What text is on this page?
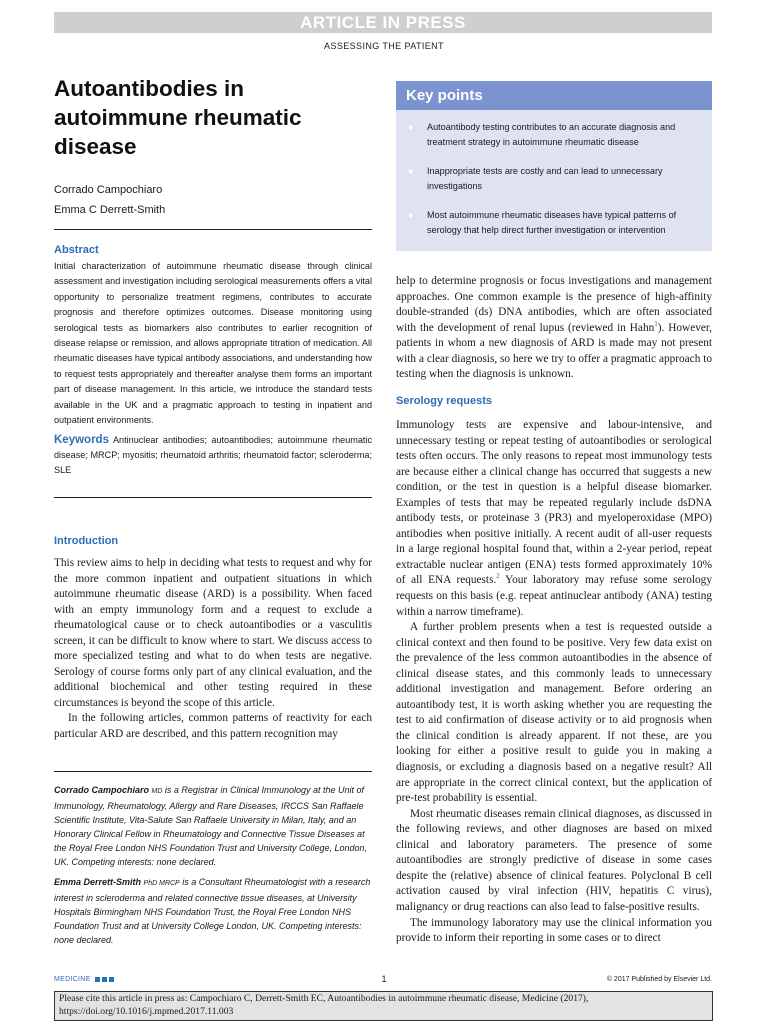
ARTICLE IN PRESS
ASSESSING THE PATIENT
Autoantibodies in autoimmune rheumatic disease
Corrado Campochiaro
Emma C Derrett-Smith
Abstract
Initial characterization of autoimmune rheumatic disease through clinical assessment and investigation including serological measurements offers a vital opportunity to personalize treatment regimens, contributes to accurate prognosis and therefore optimizes outcomes. Disease monitoring using serological tests as biomarkers also contributes to earlier recognition of disease relapse or remission, and allows appropriate titration of medication. All rheumatic diseases have typical antibody associations, and understanding how to request tests appropriately and thereafter analyse them forms an important part of disease management. In this article, we introduce the standard tests available in the UK and a pragmatic approach to testing in inpatient and outpatient environments.
Keywords Antinuclear antibodies; autoantibodies; autoimmune rheumatic disease; MRCP; myositis; rheumatoid arthritis; rheumatoid factor; scleroderma; SLE
Introduction
This review aims to help in deciding what tests to request and why for the more common inpatient and outpatient situations in which autoimmune rheumatic disease (ARD) is a possibility. When faced with an empty immunology form and a request to exclude a rheumatological cause or to check autoantibodies or a vasculitis screen, it can be difficult to know where to start. We discuss access to more specialized testing and what to do when tests are negative. Serology of course forms only part of any clinical evaluation, and the additional biochemical and other testing required in these circumstances is beyond the scope of this article.
In the following articles, common patterns of reactivity for each particular ARD are described, and this pattern recognition may

Corrado Campochiaro MD is a Registrar in Clinical Immunology at the Unit of Immunology, Rheumatology, Allergy and Rare Diseases, IRCCS San Raffaele Scientific Institute, Vita-Salute San Raffaele University in Milan, Italy, and an Honorary Clinical Fellow in Rheumatology and Connective Tissue Diseases at the Royal Free London NHS Foundation Trust and University College, London, UK. Competing interests: none declared.

Emma Derrett-Smith PhD MRCP is a Consultant Rheumatologist with a research interest in scleroderma and related connective tissue diseases, at University Hospitals Birmingham NHS Foundation Trust, the Royal Free London NHS Foundation Trust and at University College London, UK. Competing interests: none declared.

Key points
● Autoantibody testing contributes to an accurate diagnosis and treatment strategy in autoimmune rheumatic disease
● Inappropriate tests are costly and can lead to unnecessary investigations
● Most autoimmune rheumatic diseases have typical patterns of serology that help direct further investigation or intervention
help to determine prognosis or focus investigations and management approaches. One common example is the presence of high-affinity double-stranded (ds) DNA antibodies, which are often associated with the development of renal lupus (reviewed in Hahn$^1$). However, patients in whom a new diagnosis of ARD is made may not present with a clear diagnosis, so here we try to offer a pragmatic approach to testing when the diagnosis is unknown.
Serology requests
Immunology tests are expensive and labour-intensive, and unnecessary testing or repeat testing of autoantibodies or serological tests often occurs. The only reasons to repeat most immunology tests are because either a clinical change has occurred that suggests a new condition, or the test in question is a helpful disease biomarker. Examples of tests that may be repeated regularly include dsDNA antibody tests, or proteinase 3 (PR3) and myeloperoxidase (MPO) antibodies when positive initially. A recent audit of all-user requests in a large regional hospital found that, within a 2-year period, repeat extractable nuclear antigen (ENA) tests formed approximately 10% of all ENA requests.$^2$ Your laboratory may refuse some serology requests on this basis (e.g. repeat antinuclear antibody (ANA) testing within a narrow timeframe).
A further problem presents when a test is requested outside a clinical context and then found to be positive. Very few data exist on the prevalence of the less common autoantibodies in the absence of clinical disease states, and this commonly leads to unnecessary additional investigation and management. Before ordering an autoantibody test, it is worth asking whether you are requesting the test to aid confirmation of disease activity or to aid prognosis when the clinical condition is already apparent. If not these, are you looking for either a positive result to guide you in making a diagnosis, or excluding a diagnosis based on a negative result? All are appropriate in the correct clinical context, but the application of pre-test probability is essential.
Most rheumatic diseases remain clinical diagnoses, as discussed in the following reviews, and other diagnoses are based on mixed clinical and laboratory parameters. The presence of some autoantibodies are strongly predictive of disease in some cases despite the (relative) absence of clinical features. Polyclonal B cell activation caused by viral infection (HIV, hepatitis C virus), malignancy or drug reactions can also lead to false-positive results.
The immunology laboratory may use the clinical information you provide to inform their reporting in some cases or to direct
MEDICINE	1	© 2017 Published by Elsevier Ltd.
Please cite this article in press as: Campochiaro C, Derrett-Smith EC, Autoantibodies in autoimmune rheumatic disease, Medicine (2017), https://doi.org/10.1016/j.mpmed.2017.11.003
